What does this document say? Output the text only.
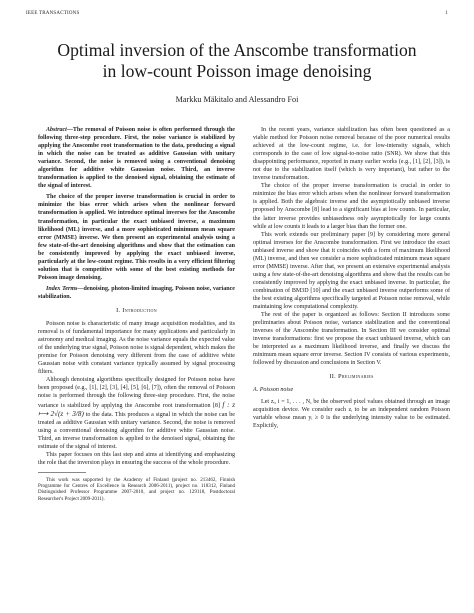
IEEE TRANSACTIONS	1
Optimal inversion of the Anscombe transformation
in low-count Poisson image denoising
Markku Mäkitalo and Alessandro Foi

Abstract—The removal of Poisson noise is often performed through the following three-step procedure. First, the noise variance is stabilized by applying the Anscombe root transformation to the data, producing a signal in which the noise can be treated as additive Gaussian with unitary variance. Second, the noise is removed using a conventional denoising algorithm for additive white Gaussian noise. Third, an inverse transformation is applied to the denoised signal, obtaining the estimate of the signal of interest.

The choice of the proper inverse transformation is crucial in order to minimize the bias error which arises when the nonlinear forward transformation is applied. We introduce optimal inverses for the Anscombe transformation, in particular the exact unbiased inverse, a maximum likelihood (ML) inverse, and a more sophisticated minimum mean square error (MMSE) inverse. We then present an experimental analysis using a few state-of-the-art denoising algorithms and show that the estimation can be consistently improved by applying the exact unbiased inverse, particularly at the low-count regime. This results in a very efficient filtering solution that is competitive with some of the best existing methods for Poisson image denoising.

Index Terms—denoising, photon-limited imaging, Poisson noise, variance stabilization.

I. Introduction

Poisson noise is characteristic of many image acquisition modalities, and its removal is of fundamental importance for many applications and particularly in astronomy and medical imaging. As the noise variance equals the expected value of the underlying true signal, Poisson noise is signal dependent, which makes the premise for Poisson denoising very different from the case of additive white Gaussian noise with constant variance typically assumed by signal processing filters.

Although denoising algorithms specifically designed for Poisson noise have been proposed (e.g., [1], [2], [3], [4], [5], [6], [7]), often the removal of Poisson noise is performed through the following three-step procedure. First, the noise variance is stabilized by applying the Anscombe root transformation [8] f : z ⟼ 2√(z + 3/8) to the data. This produces a signal in which the noise can be treated as additive Gaussian with unitary variance. Second, the noise is removed using a conventional denoising algorithm for additive white Gaussian noise. Third, an inverse transformation is applied to the denoised signal, obtaining the estimate of the signal of interest.

This paper focuses on this last step and aims at identifying and emphasizing the role that the inversion plays in ensuring the success of the whole procedure.

This work was supported by the Academy of Finland (project no. 213462, Finnish Programme for Centres of Excellence in Research 2006-2011), project no. 118312, Finland Distinguished Professor Programme 2007-2010, and project no. 129118, Postdoctoral Researcher's Project 2009-2011).

In the recent years, variance stabilization has often been questioned as a viable method for Poisson noise removal because of the poor numerical results achieved at the low-count regime, i.e. for low-intensity signals, which corresponds to the case of low signal-to-noise ratio (SNR). We show that this disappointing performance, reported in many earlier works (e.g., [1], [2], [3]), is not due to the stabilization itself (which is very important), but rather to the inverse transformation.

The choice of the proper inverse transformation is crucial in order to minimize the bias error which arises when the nonlinear forward transformation is applied. Both the algebraic inverse and the asymptotically unbiased inverse proposed by Anscombe [8] lead to a significant bias at low counts. In particular, the latter inverse provides unbiasedness only asymptotically for large counts while at low counts it leads to a larger bias than the former one.

This work extends our preliminary paper [9] by considering more general optimal inverses for the Anscombe transformation. First we introduce the exact unbiased inverse and show that it coincides with a form of maximum likelihood (ML) inverse, and then we consider a more sophisticated minimum mean square error (MMSE) inverse. After that, we present an extensive experimental analysis using a few state-of-the-art denoising algorithms and show that the results can be consistently improved by applying the exact unbiased inverse. In particular, the combination of BM3D [10] and the exact unbiased inverse outperforms some of the best existing algorithms specifically targeted at Poisson noise removal, while maintaining low computational complexity.

The rest of the paper is organized as follows: Section II introduces some preliminaries about Poisson noise, variance stabilization and the conventional inverses of the Anscombe transformation. In Section III we consider optimal inverse transformations: first we propose the exact unbiased inverse, which can be interpreted as a maximum likelihood inverse, and finally we discuss the minimum mean square error inverse. Section IV consists of various experiments, followed by discussion and conclusions in Section V.

II. Preliminaries
A. Poisson noise

Let zᵢ, i = 1, . . . , N, be the observed pixel values obtained through an image acquisition device. We consider each zᵢ to be an independent random Poisson variable whose mean yᵢ ≥ 0 is the underlying intensity value to be estimated. Explicitly,
